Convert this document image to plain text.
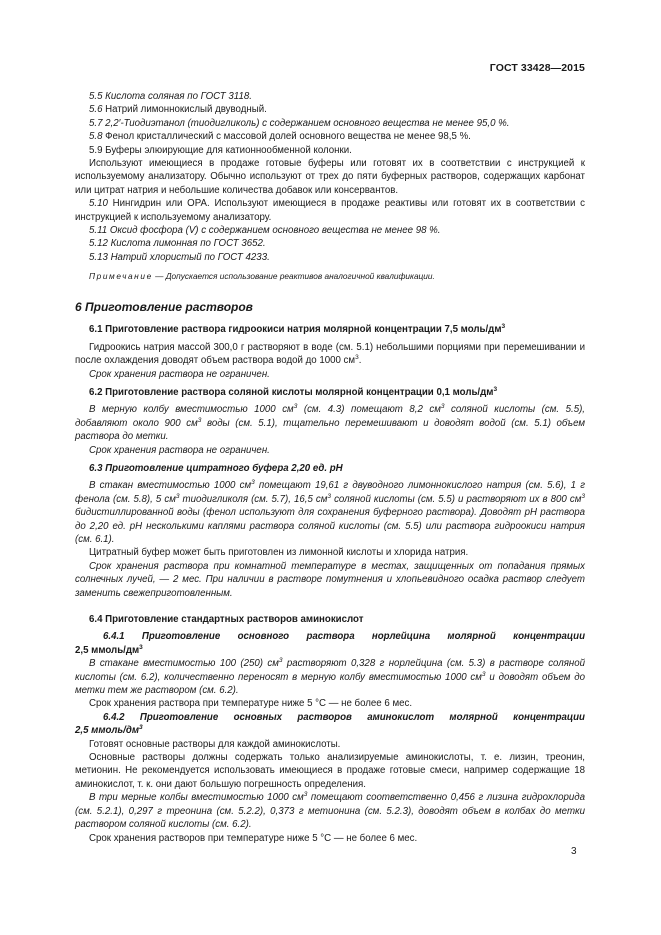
ГОСТ 33428—2015

5.5 Кислота соляная по ГОСТ 3118.

5.6 Натрий лимоннокислый двуводный.

5.7 2,2′-Тиодиэтанол (тиодигликоль) с содержанием основного вещества не менее 95,0 %.

5.8 Фенол кристаллический с массовой долей основного вещества не менее 98,5 %.

5.9 Буферы элюирующие для катионнообменной колонки.

Используют имеющиеся в продаже готовые буферы или готовят их в соответствии с инструкцией к используемому анализатору. Обычно используют от трех до пяти буферных растворов, содержащих карбонат или цитрат натрия и небольшие количества добавок или консервантов.

5.10 Нингидрин или ОРА. Используют имеющиеся в продаже реактивы или готовят их в соответствии с инструкцией к используемому анализатору.

5.11 Оксид фосфора (V) с содержанием основного вещества не менее 98 %.

5.12 Кислота лимонная по ГОСТ 3652.

5.13 Натрий хлористый по ГОСТ 4233.

Примечание — Допускается использование реактивов аналогичной квалификации.

6 Приготовление растворов

6.1 Приготовление раствора гидроокиси натрия молярной концентрации 7,5 моль/$дм^3$

Гидроокись натрия массой 300,0 г растворяют в воде (см. 5.1) небольшими порциями при перемешивании и после охлаждения доводят объем раствора водой до 1000 $см^3$.

Срок хранения раствора не ограничен.

6.2 Приготовление раствора соляной кислоты молярной концентрации 0,1 моль/$дм^3$

В мерную колбу вместимостью 1000 $см^3$ (см. 4.3) помещают 8,2 $см^3$ соляной кислоты (см. 5.5), добавляют около 900 $см^3$ воды (см. 5.1), тщательно перемешивают и доводят водой (см. 5.1) объем раствора до метки.

Срок хранения раствора не ограничен.

6.3 Приготовление цитратного буфера 2,20 ед. pH

В стакан вместимостью 1000 $см^3$ помещают 19,61 г двуводного лимоннокислого натрия (см. 5.6), 1 г фенола (см. 5.8), 5 $см^3$ тиодигликоля (см. 5.7), 16,5 $см^3$ соляной кислоты (см. 5.5) и растворяют их в 800 $см^3$ бидистиллированной воды (фенол используют для сохранения буферного раствора). Доводят pH раствора до 2,20 ед. pH несколькими каплями раствора соляной кислоты (см. 5.5) или раствора гидроокиси натрия (см. 6.1).

Цитратный буфер может быть приготовлен из лимонной кислоты и хлорида натрия.

Срок хранения раствора при комнатной температуре в местах, защищенных от попадания прямых солнечных лучей, — 2 мес. При наличии в растворе помутнения и хлопьевидного осадка раствор следует заменить свежеприготовленным.

6.4 Приготовление стандартных растворов аминокислот

6.4.1	Приготовление	основного	раствора	норлейцина	молярной	концентрации

2,5 ммоль/$дм^3$

В стакане вместимостью 100 (250) $см^3$ растворяют 0,328 г норлейцина (см. 5.3) в растворе соляной кислоты (см. 6.2), количественно переносят в мерную колбу вместимостью 1000 $см^3$ и доводят объем до метки тем же раствором (см. 6.2).

Срок хранения раствора при температуре ниже 5 °C — не более 6 мес.

6.4.2	Приготовление	основных	растворов	аминокислот	молярной	концентрации

2,5 ммоль/$дм^3$

Готовят основные растворы для каждой аминокислоты.

Основные растворы должны содержать только анализируемые аминокислоты, т. е. лизин, треонин, метионин. Не рекомендуется использовать имеющиеся в продаже готовые смеси, например содержащие 18 аминокислот, т. к. они дают большую погрешность определения.

В три мерные колбы вместимостью 1000 $см^3$ помещают соответственно 0,456 г лизина гидрохлорида (см. 5.2.1), 0,297 г треонина (см. 5.2.2), 0,373 г метионина (см. 5.2.3), доводят объем в колбах до метки раствором соляной кислоты (см. 6.2).

Срок хранения растворов при температуре ниже 5 °C — не более 6 мес.

3
